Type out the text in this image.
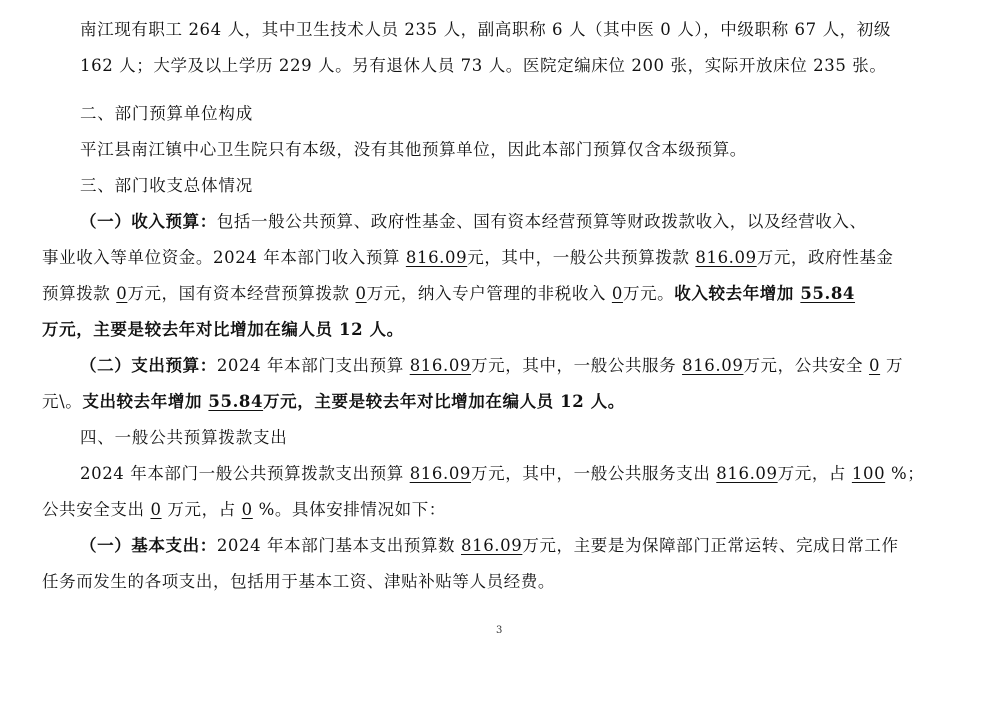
南江现有职工 264 人，其中卫生技术人员 235 人，副高职称 6 人（其中医 0 人），中级职称 67 人，初级
162 人；大学及以上学历 229 人。另有退休人员 73 人。医院定编床位 200 张，实际开放床位 235 张。
二、部门预算单位构成
平江县南江镇中心卫生院只有本级，没有其他预算单位，因此本部门预算仅含本级预算。
三、部门收支总体情况
（一）收入预算：包括一般公共预算、政府性基金、国有资本经营预算等财政拨款收入，以及经营收入、
事业收入等单位资金。2024 年本部门收入预算 816.09元，其中，一般公共预算拨款 816.09万元，政府性基金
预算拨款 0万元，国有资本经营预算拨款 0万元，纳入专户管理的非税收入 0万元。收入较去年增加 55.84
万元，主要是较去年对比增加在编人员 12 人。
（二）支出预算：2024 年本部门支出预算 816.09万元，其中，一般公共服务 816.09万元，公共安全 0 万
元\。支出较去年增加 55.84万元，主要是较去年对比增加在编人员 12 人。
四、一般公共预算拨款支出
2024 年本部门一般公共预算拨款支出预算 816.09万元，其中，一般公共服务支出 816.09万元，占 100 %；
公共安全支出 0 万元，占 0 %。具体安排情况如下：
（一）基本支出：2024 年本部门基本支出预算数 816.09万元，主要是为保障部门正常运转、完成日常工作
任务而发生的各项支出，包括用于基本工资、津贴补贴等人员经费。
3
